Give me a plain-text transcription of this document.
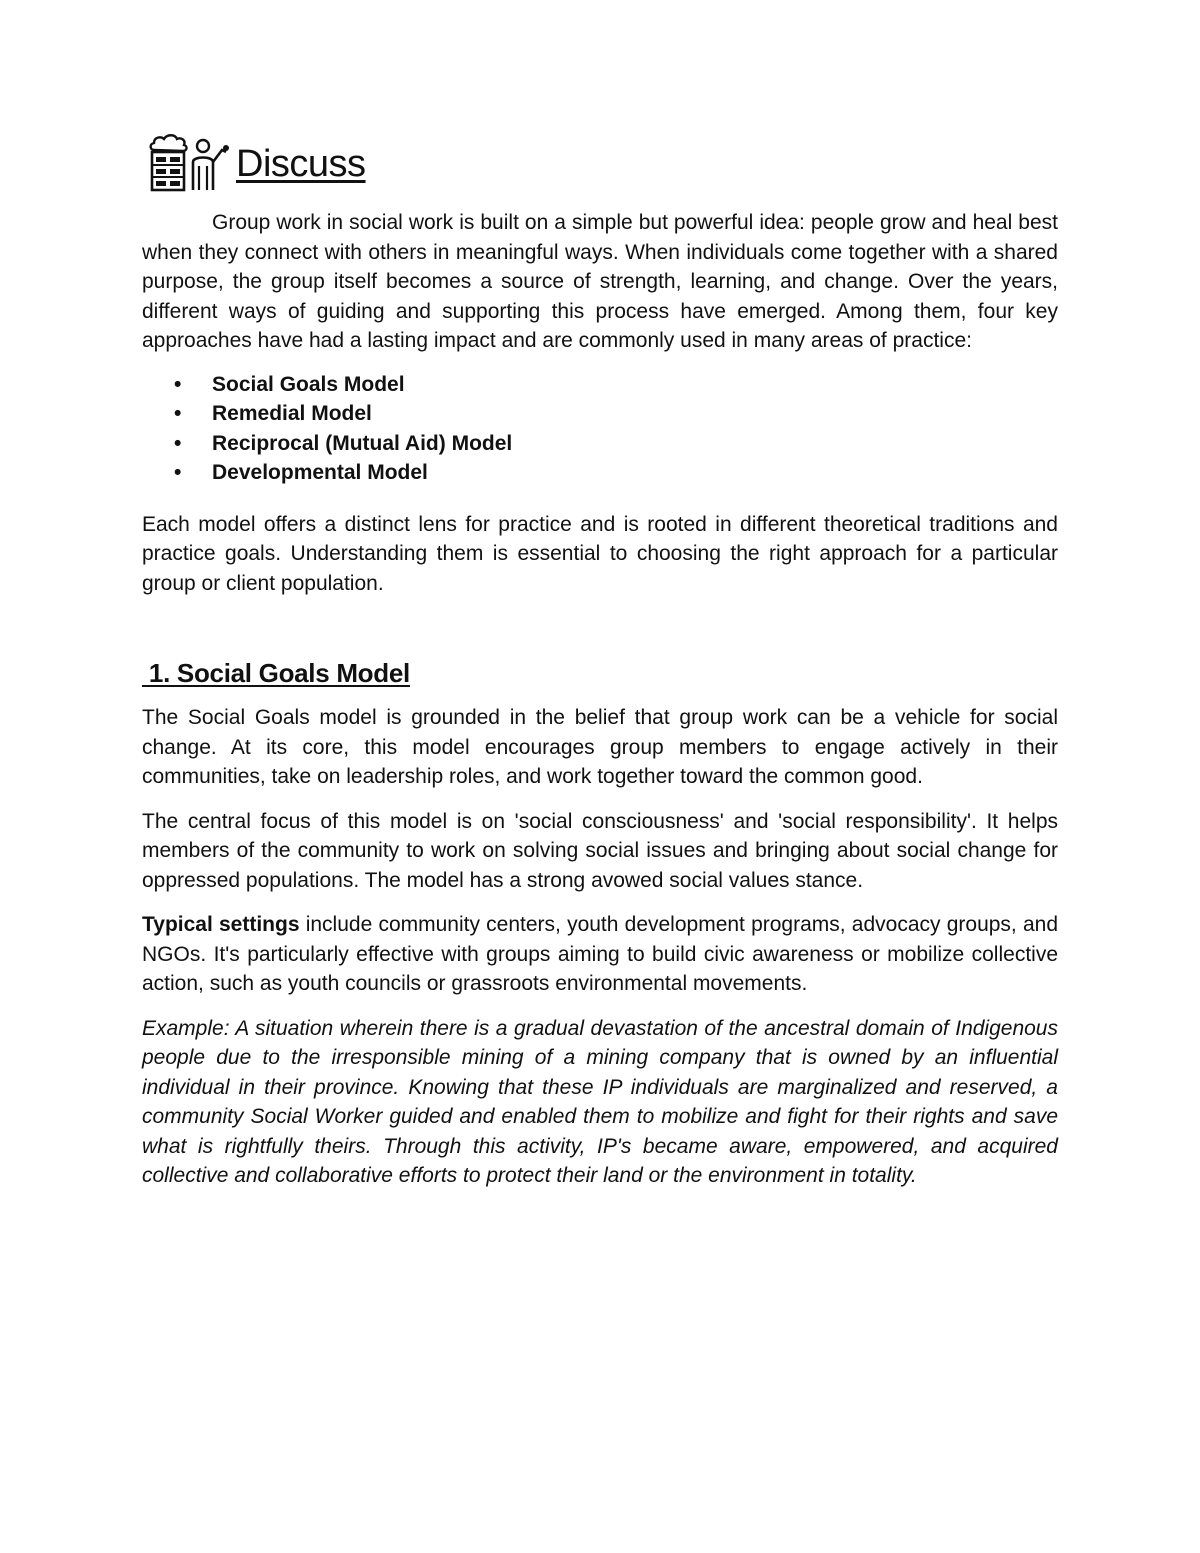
Discuss

Group work in social work is built on a simple but powerful idea: people grow and heal best when they connect with others in meaningful ways. When individuals come together with a shared purpose, the group itself becomes a source of strength, learning, and change. Over the years, different ways of guiding and supporting this process have emerged. Among them, four key approaches have had a lasting impact and are commonly used in many areas of practice:

• Social Goals Model
• Remedial Model
• Reciprocal (Mutual Aid) Model
• Developmental Model

Each model offers a distinct lens for practice and is rooted in different theoretical traditions and practice goals. Understanding them is essential to choosing the right approach for a particular group or client population.

1. Social Goals Model

The Social Goals model is grounded in the belief that group work can be a vehicle for social change. At its core, this model encourages group members to engage actively in their communities, take on leadership roles, and work together toward the common good.

The central focus of this model is on 'social consciousness' and 'social responsibility'. It helps members of the community to work on solving social issues and bringing about social change for oppressed populations. The model has a strong avowed social values stance.

Typical settings include community centers, youth development programs, advocacy groups, and NGOs. It's particularly effective with groups aiming to build civic awareness or mobilize collective action, such as youth councils or grassroots environmental movements.

Example: A situation wherein there is a gradual devastation of the ancestral domain of Indigenous people due to the irresponsible mining of a mining company that is owned by an influential individual in their province. Knowing that these IP individuals are marginalized and reserved, a community Social Worker guided and enabled them to mobilize and fight for their rights and save what is rightfully theirs. Through this activity, IP's became aware, empowered, and acquired collective and collaborative efforts to protect their land or the environment in totality.
